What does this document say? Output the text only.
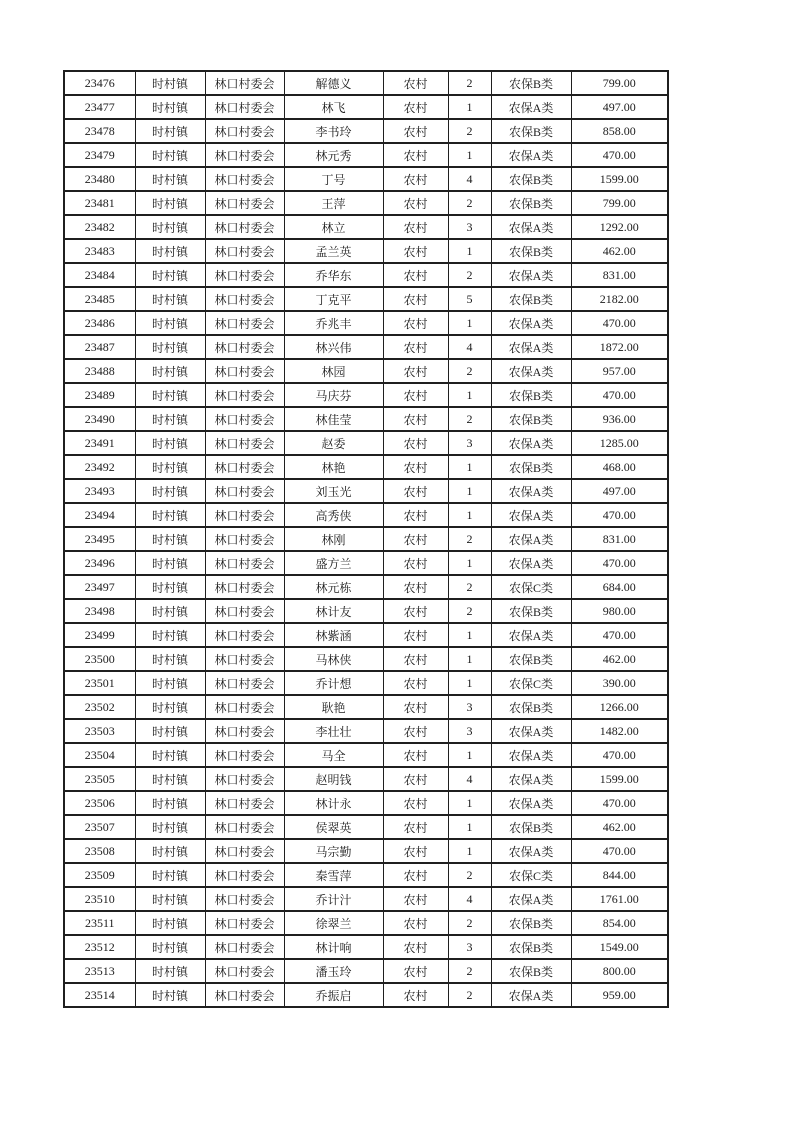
23476	时村镇	林口村委会	解德义	农村	2	农保B类	799.00
23477	时村镇	林口村委会	林飞	农村	1	农保A类	497.00
23478	时村镇	林口村委会	李书玲	农村	2	农保B类	858.00
23479	时村镇	林口村委会	林元秀	农村	1	农保A类	470.00
23480	时村镇	林口村委会	丁号	农村	4	农保B类	1599.00
23481	时村镇	林口村委会	王萍	农村	2	农保B类	799.00
23482	时村镇	林口村委会	林立	农村	3	农保A类	1292.00
23483	时村镇	林口村委会	孟兰英	农村	1	农保B类	462.00
23484	时村镇	林口村委会	乔华东	农村	2	农保A类	831.00
23485	时村镇	林口村委会	丁克平	农村	5	农保B类	2182.00
23486	时村镇	林口村委会	乔兆丰	农村	1	农保A类	470.00
23487	时村镇	林口村委会	林兴伟	农村	4	农保A类	1872.00
23488	时村镇	林口村委会	林园	农村	2	农保A类	957.00
23489	时村镇	林口村委会	马庆芬	农村	1	农保B类	470.00
23490	时村镇	林口村委会	林佳莹	农村	2	农保B类	936.00
23491	时村镇	林口村委会	赵委	农村	3	农保A类	1285.00
23492	时村镇	林口村委会	林艳	农村	1	农保B类	468.00
23493	时村镇	林口村委会	刘玉光	农村	1	农保A类	497.00
23494	时村镇	林口村委会	高秀侠	农村	1	农保A类	470.00
23495	时村镇	林口村委会	林刚	农村	2	农保A类	831.00
23496	时村镇	林口村委会	盛方兰	农村	1	农保A类	470.00
23497	时村镇	林口村委会	林元栋	农村	2	农保C类	684.00
23498	时村镇	林口村委会	林计友	农村	2	农保B类	980.00
23499	时村镇	林口村委会	林紫涵	农村	1	农保A类	470.00
23500	时村镇	林口村委会	马林侠	农村	1	农保B类	462.00
23501	时村镇	林口村委会	乔计想	农村	1	农保C类	390.00
23502	时村镇	林口村委会	耿艳	农村	3	农保B类	1266.00
23503	时村镇	林口村委会	李壮壮	农村	3	农保A类	1482.00
23504	时村镇	林口村委会	马全	农村	1	农保A类	470.00
23505	时村镇	林口村委会	赵明钱	农村	4	农保A类	1599.00
23506	时村镇	林口村委会	林计永	农村	1	农保A类	470.00
23507	时村镇	林口村委会	侯翠英	农村	1	农保B类	462.00
23508	时村镇	林口村委会	马宗勤	农村	1	农保A类	470.00
23509	时村镇	林口村委会	秦雪萍	农村	2	农保C类	844.00
23510	时村镇	林口村委会	乔计汁	农村	4	农保A类	1761.00
23511	时村镇	林口村委会	徐翠兰	农村	2	农保B类	854.00
23512	时村镇	林口村委会	林计响	农村	3	农保B类	1549.00
23513	时村镇	林口村委会	潘玉玲	农村	2	农保B类	800.00
23514	时村镇	林口村委会	乔振启	农村	2	农保A类	959.00
